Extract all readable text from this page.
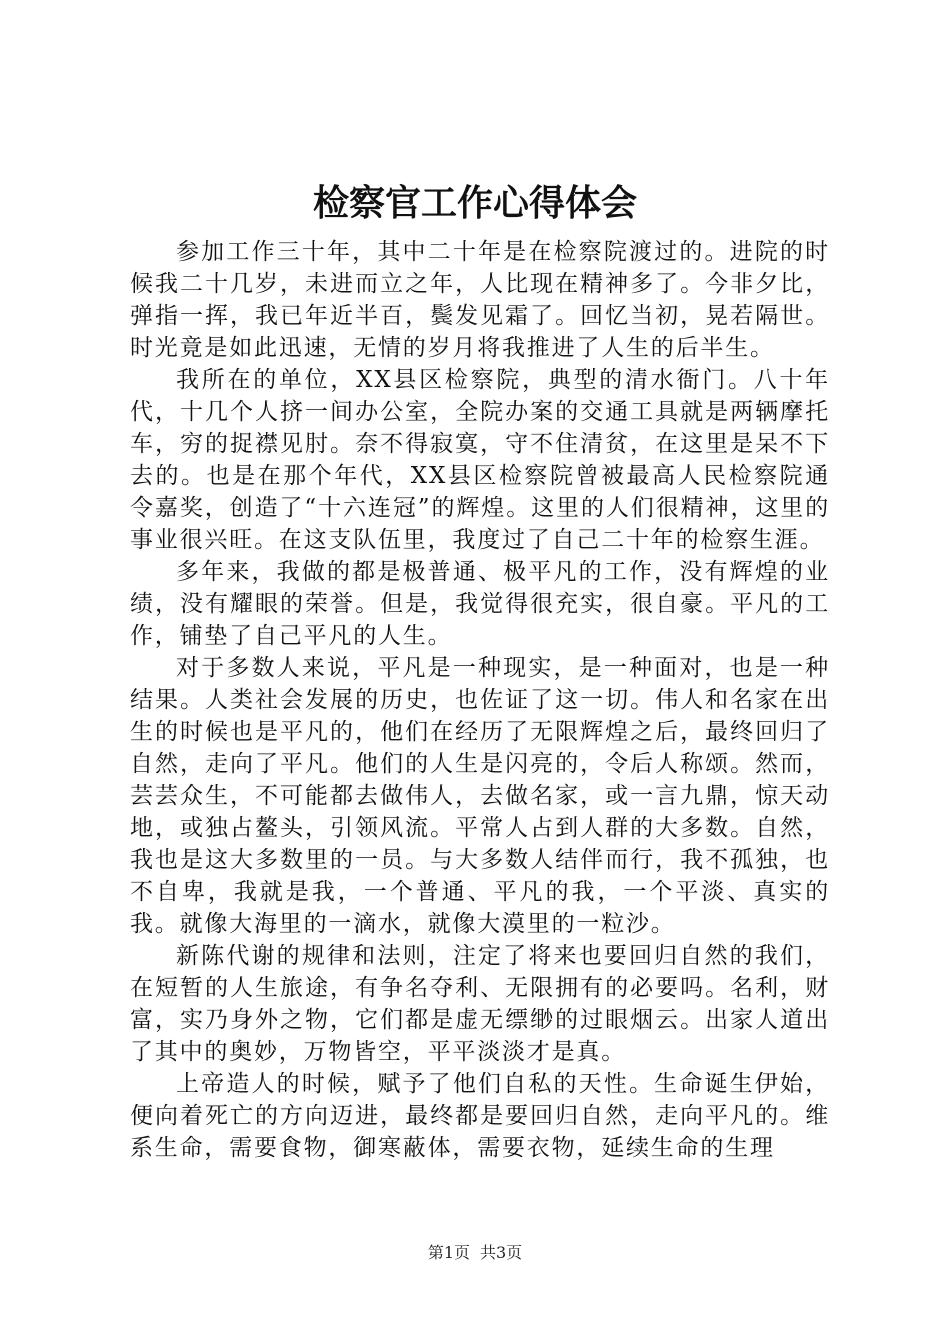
检察官工作心得体会

参加工作三十年，其中二十年是在检察院渡过的。进院的时候我二十几岁，未进而立之年，人比现在精神多了。今非夕比，弹指一挥，我已年近半百，鬓发见霜了。回忆当初，晃若隔世。时光竟是如此迅速，无情的岁月将我推进了人生的后半生。

我所在的单位，XX县区检察院，典型的清水衙门。八十年代，十几个人挤一间办公室，全院办案的交通工具就是两辆摩托车，穷的捉襟见肘。奈不得寂寞，守不住清贫，在这里是呆不下去的。也是在那个年代，XX县区检察院曾被最高人民检察院通令嘉奖，创造了“十六连冠”的辉煌。这里的人们很精神，这里的事业很兴旺。在这支队伍里，我度过了自己二十年的检察生涯。

多年来，我做的都是极普通、极平凡的工作，没有辉煌的业绩，没有耀眼的荣誉。但是，我觉得很充实，很自豪。平凡的工作，铺垫了自己平凡的人生。

对于多数人来说，平凡是一种现实，是一种面对，也是一种结果。人类社会发展的历史，也佐证了这一切。伟人和名家在出生的时候也是平凡的，他们在经历了无限辉煌之后，最终回归了自然，走向了平凡。他们的人生是闪亮的，令后人称颂。然而，芸芸众生，不可能都去做伟人，去做名家，或一言九鼎，惊天动地，或独占鳌头，引领风流。平常人占到人群的大多数。自然，我也是这大多数里的一员。与大多数人结伴而行，我不孤独，也不自卑，我就是我，一个普通、平凡的我，一个平淡、真实的我。就像大海里的一滴水，就像大漠里的一粒沙。

新陈代谢的规律和法则，注定了将来也要回归自然的我们，在短暂的人生旅途，有争名夺利、无限拥有的必要吗。名利，财富，实乃身外之物，它们都是虚无缥缈的过眼烟云。出家人道出了其中的奥妙，万物皆空，平平淡淡才是真。

上帝造人的时候，赋予了他们自私的天性。生命诞生伊始，便向着死亡的方向迈进，最终都是要回归自然，走向平凡的。维系生命，需要食物，御寒蔽体，需要衣物，延续生命的生理

第1页 共3页
